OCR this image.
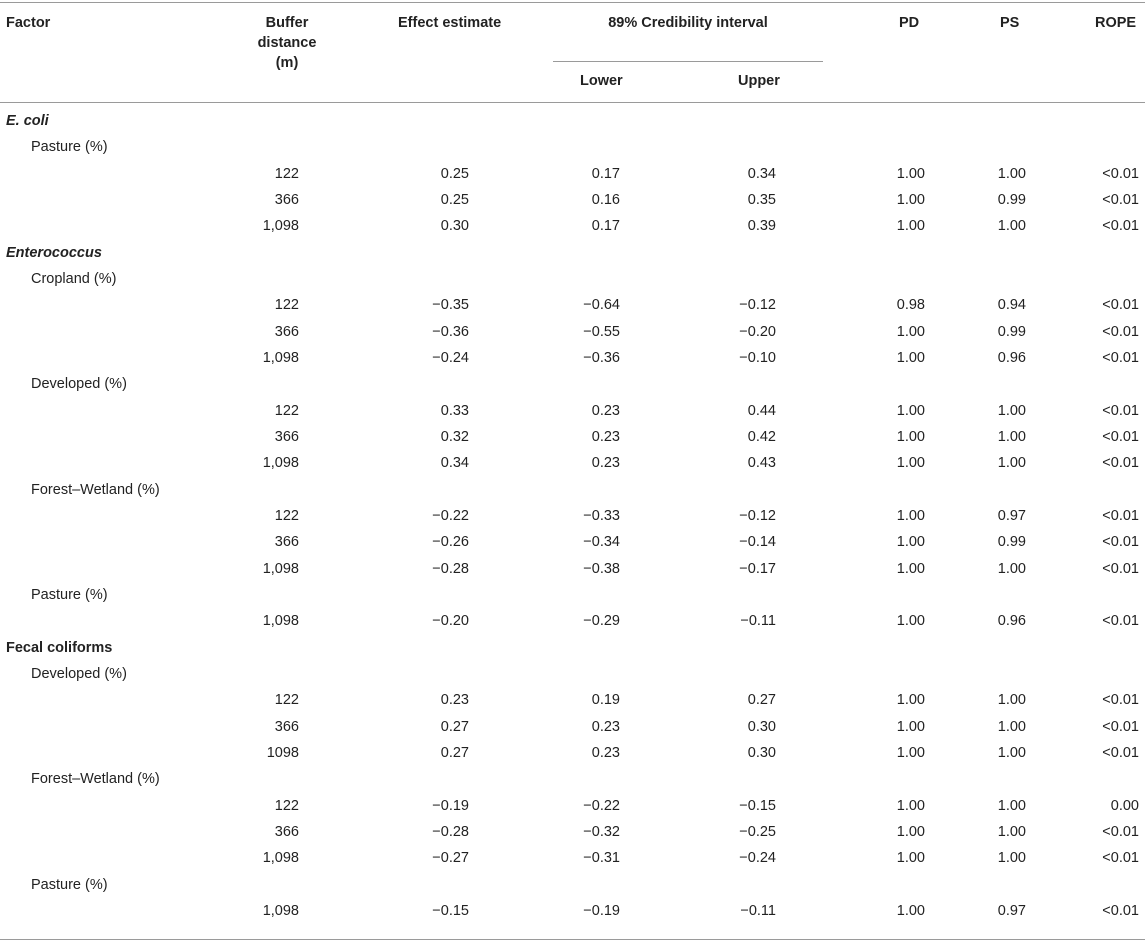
Factor	Buffer
distance (m)
Effect estimate	89% Credibility interval
Lower	Upper
PD	PS	ROPE
E. coli
Pasture (%)
122	0.25	0.17	0.34	1.00	1.00	<0.01
366	0.25	0.16	0.35	1.00	0.99	<0.01
1,098	0.30	0.17	0.39	1.00	1.00	<0.01
Enterococcus
Cropland (%)
122	−0.35	−0.64	−0.12	0.98	0.94	<0.01
366	−0.36	−0.55	−0.20	1.00	0.99	<0.01
1,098	−0.24	−0.36	−0.10	1.00	0.96	<0.01
Developed (%)
122	0.33	0.23	0.44	1.00	1.00	<0.01
366	0.32	0.23	0.42	1.00	1.00	<0.01
1,098	0.34	0.23	0.43	1.00	1.00	<0.01
Forest–Wetland (%)
122	−0.22	−0.33	−0.12	1.00	0.97	<0.01
366	−0.26	−0.34	−0.14	1.00	0.99	<0.01
1,098	−0.28	−0.38	−0.17	1.00	1.00	<0.01
Pasture (%)
1,098	−0.20	−0.29	−0.11	1.00	0.96	<0.01
Fecal coliforms
Developed (%)
122	0.23	0.19	0.27	1.00	1.00	<0.01
366	0.27	0.23	0.30	1.00	1.00	<0.01
1098	0.27	0.23	0.30	1.00	1.00	<0.01
Forest–Wetland (%)
122	−0.19	−0.22	−0.15	1.00	1.00	0.00
366	−0.28	−0.32	−0.25	1.00	1.00	<0.01
1,098	−0.27	−0.31	−0.24	1.00	1.00	<0.01
Pasture (%)
1,098	−0.15	−0.19	−0.11	1.00	0.97	<0.01
